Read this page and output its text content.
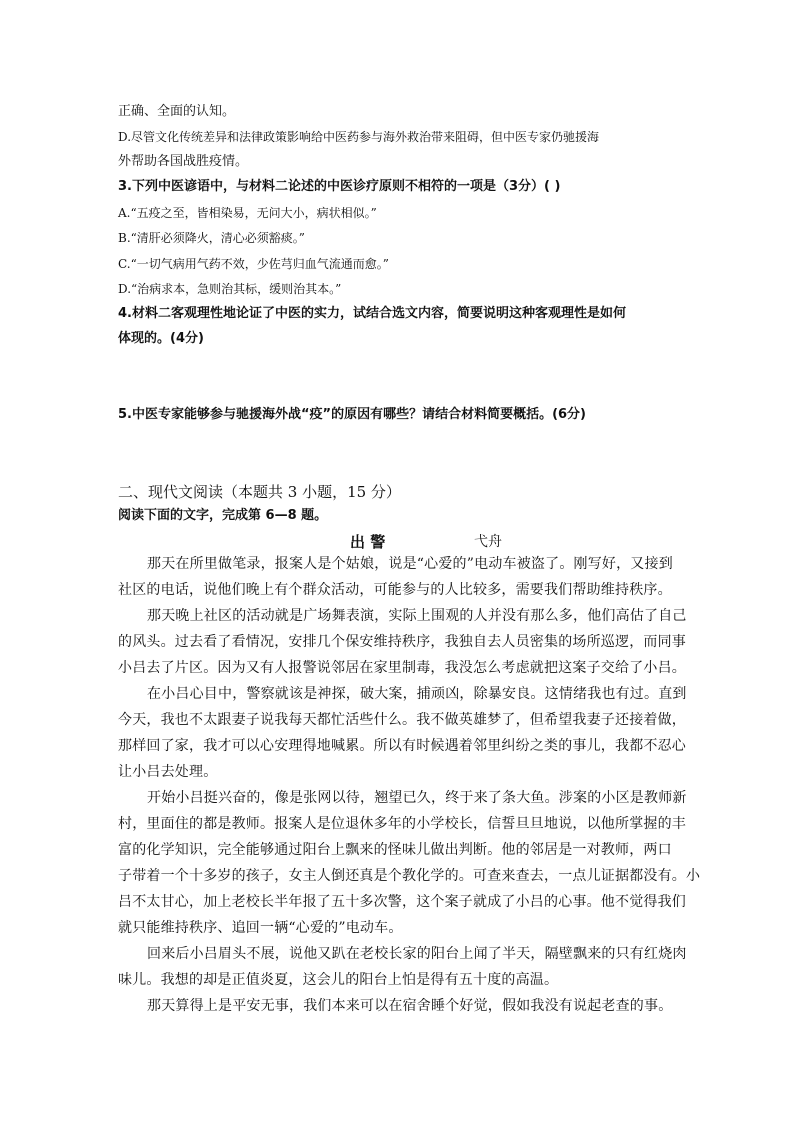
正确、全面的认知。
D.尽管文化传统差异和法律政策影响给中医药参与海外救治带来阻碍，但中医专家仍驰援海
外帮助各国战胜疫情。
3.下列中医谚语中，与材料二论述的中医诊疗原则不相符的一项是（3分）( )
A.“五疫之至，皆相染易，无问大小，病状相似。”
B.“清肝必须降火，清心必须豁痰。”
C.“一切气病用气药不效，少佐芎归血气流通而愈。”
D.“治病求本，急则治其标，缓则治其本。”
4.材料二客观理性地论证了中医的实力，试结合选文内容，简要说明这种客观理性是如何
体现的。(4分)
5.中医专家能够参与驰援海外战“疫”的原因有哪些？请结合材料简要概括。(6分)
二、现代文阅读（本题共 3 小题，15 分）
阅读下面的文字，完成第 6—8 题。
出 警	弋舟
那天在所里做笔录，报案人是个姑娘，说是“心爱的”电动车被盗了。刚写好，又接到
社区的电话，说他们晚上有个群众活动，可能参与的人比较多，需要我们帮助维持秩序。
那天晚上社区的活动就是广场舞表演，实际上围观的人并没有那么多，他们高估了自己
的风头。过去看了看情况，安排几个保安维持秩序，我独自去人员密集的场所巡逻，而同事
小吕去了片区。因为又有人报警说邻居在家里制毒，我没怎么考虑就把这案子交给了小吕。
在小吕心目中，警察就该是神探，破大案，捕顽凶，除暴安良。这情绪我也有过。直到
今天，我也不太跟妻子说我每天都忙活些什么。我不做英雄梦了，但希望我妻子还接着做，
那样回了家，我才可以心安理得地喊累。所以有时候遇着邻里纠纷之类的事儿，我都不忍心
让小吕去处理。
开始小吕挺兴奋的，像是张网以待，翘望已久，终于来了条大鱼。涉案的小区是教师新
村，里面住的都是教师。报案人是位退休多年的小学校长，信誓旦旦地说，以他所掌握的丰
富的化学知识，完全能够通过阳台上飘来的怪味儿做出判断。他的邻居是一对教师，两口
子带着一个十多岁的孩子，女主人倒还真是个教化学的。可查来查去，一点儿证据都没有。小
吕不太甘心，加上老校长半年报了五十多次警，这个案子就成了小吕的心事。他不觉得我们
就只能维持秩序、追回一辆“心爱的”电动车。
回来后小吕眉头不展，说他又趴在老校长家的阳台上闻了半天，隔壁飘来的只有红烧肉
味儿。我想的却是正值炎夏，这会儿的阳台上怕是得有五十度的高温。
那天算得上是平安无事，我们本来可以在宿舍睡个好觉，假如我没有说起老查的事。
